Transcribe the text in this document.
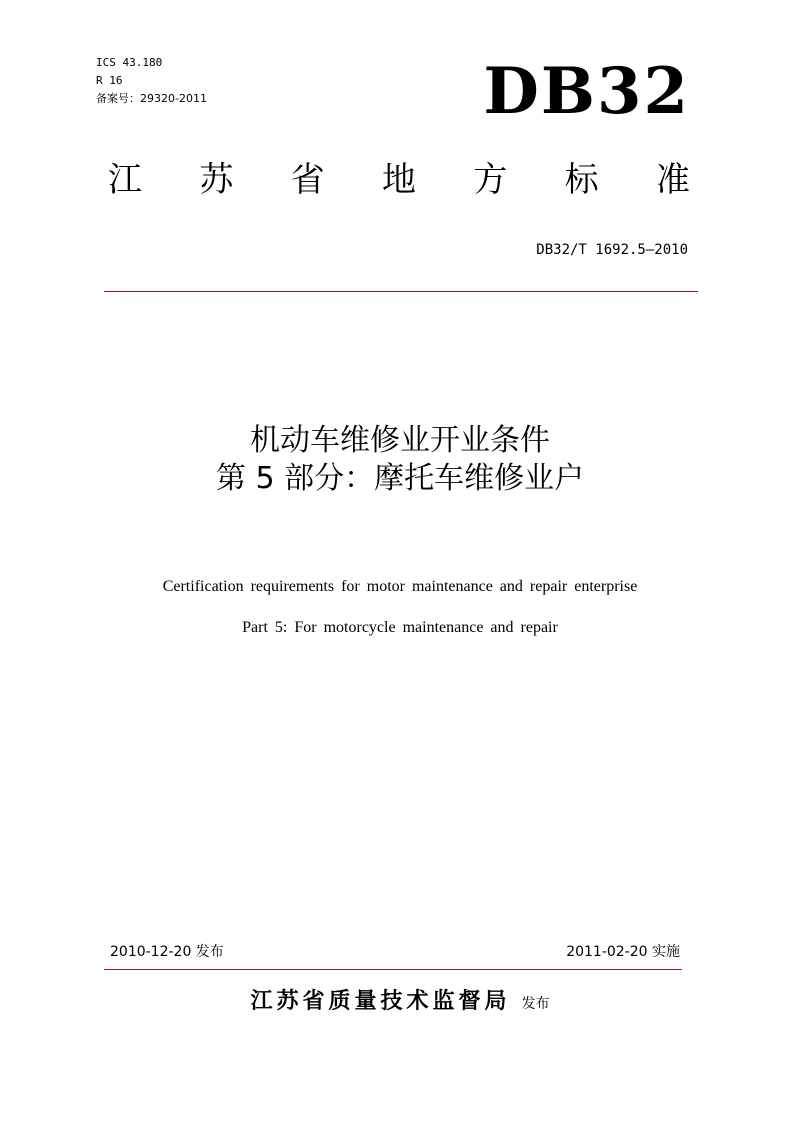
ICS 43.180
R 16
备案号：29320-2011	DB32
江 苏 省 地 方 标 准
DB32/T 1692.5—2010
机动车维修业开业条件
第 5 部分：摩托车维修业户
Certification requirements for motor maintenance and repair enterprise
Part 5: For motorcycle maintenance and repair
2010-12-20 发布	2011-02-20 实施
江苏省质量技术监督局 发布
